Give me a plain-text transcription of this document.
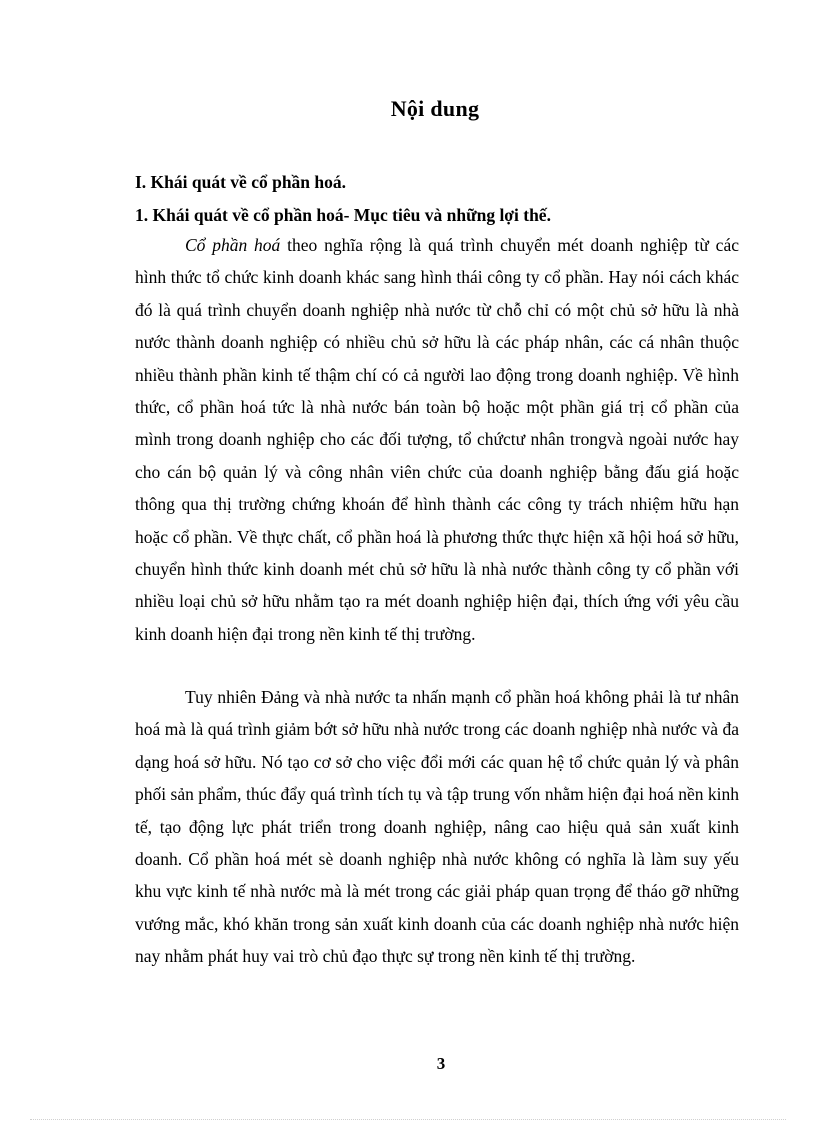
Nội dung
I. Khái quát về cổ phần hoá.
1. Khái quát về cổ phần hoá- Mục tiêu và những lợi thế.

Cổ phần hoá theo nghĩa rộng là quá trình chuyển mét doanh nghiệp từ các hình thức tổ chức kinh doanh khác sang hình thái công ty cổ phần. Hay nói cách khác đó là quá trình chuyển doanh nghiệp nhà nước từ chỗ chỉ có một chủ sở hữu là nhà nước thành doanh nghiệp có nhiều chủ sở hữu là các pháp nhân, các cá nhân thuộc nhiều thành phần kinh tế thậm chí có cả người lao động trong doanh nghiệp. Về hình thức, cổ phần hoá tức là nhà nước bán toàn bộ hoặc một phần giá trị cổ phần của mình trong doanh nghiệp cho các đối tượng, tổ chứctư nhân trongvà ngoài nước hay cho cán bộ quản lý và công nhân viên chức của doanh nghiệp bằng đấu giá hoặc thông qua thị trường chứng khoán để hình thành các công ty trách nhiệm hữu hạn hoặc cổ phần. Về thực chất, cổ phần hoá là phương thức thực hiện xã hội hoá sở hữu, chuyển hình thức kinh doanh mét chủ sở hữu là nhà nước thành công ty cổ phần với nhiều loại chủ sở hữu nhằm tạo ra mét doanh nghiệp hiện đại, thích ứng với yêu cầu kinh doanh hiện đại trong nền kinh tế thị trường.

Tuy nhiên Đảng và nhà nước ta nhấn mạnh cổ phần hoá không phải là tư nhân hoá mà là quá trình giảm bớt sở hữu nhà nước trong các doanh nghiệp nhà nước và đa dạng hoá sở hữu. Nó tạo cơ sở cho việc đổi mới các quan hệ tổ chức quản lý và phân phối sản phẩm, thúc đẩy quá trình tích tụ và tập trung vốn nhằm hiện đại hoá nền kinh tế, tạo động lực phát triển trong doanh nghiệp, nâng cao hiệu quả sản xuất kinh doanh. Cổ phần hoá mét sè doanh nghiệp nhà nước không có nghĩa là làm suy yếu khu vực kinh tế nhà nước mà là mét trong các giải pháp quan trọng để tháo gỡ những vướng mắc, khó khăn trong sản xuất kinh doanh của các doanh nghiệp nhà nước hiện nay nhằm phát huy vai trò chủ đạo thực sự trong nền kinh tế thị trường.

3
